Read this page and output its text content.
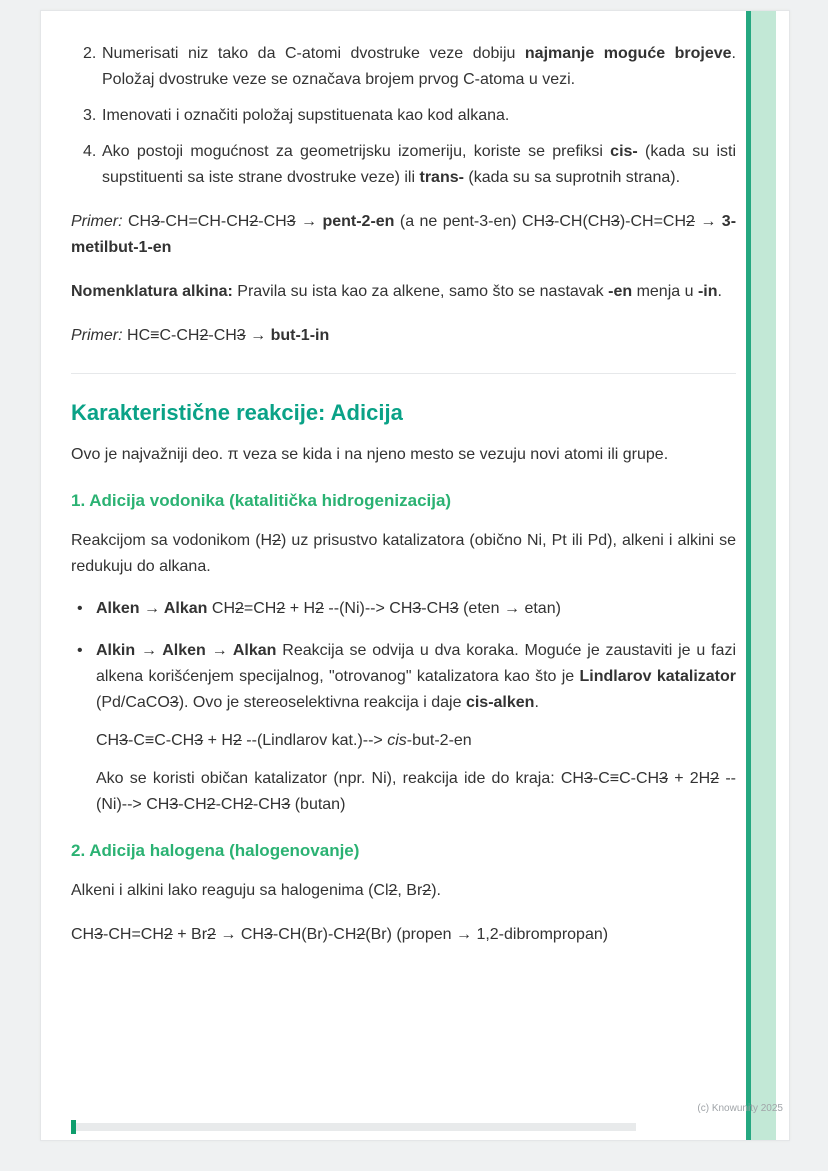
2. Numerisati niz tako da C-atomi dvostruke veze dobiju najmanje moguće brojeve. Položaj dvostruke veze se označava brojem prvog C-atoma u vezi.

3. Imenovati i označiti položaj supstituenata kao kod alkana.

4. Ako postoji mogućnost za geometrijsku izomeriju, koriste se prefiksi cis- (kada su isti supstituenti sa iste strane dvostruke veze) ili trans- (kada su sa suprotnih strana).

Primer: CH3-CH=CH-CH2-CH3 → pent-2-en (a ne pent-3-en) CH3-CH(CH3)-CH=CH2 → 3-metilbut-1-en

Nomenklatura alkina: Pravila su ista kao za alkene, samo što se nastavak -en menja u -in.

Primer: HC≡C-CH2-CH3 → but-1-in

Karakteristične reakcije: Adicija

Ovo je najvažniji deo. π veza se kida i na njeno mesto se vezuju novi atomi ili grupe.

1. Adicija vodonika (katalitička hidrogenizacija)

Reakcijom sa vodonikom (H2) uz prisustvo katalizatora (obično Ni, Pt ili Pd), alkeni i alkini se redukuju do alkana.

• Alken → Alkan CH2=CH2 + H2 --(Ni)--> CH3-CH3 (eten → etan)

• Alkin → Alken → Alkan Reakcija se odvija u dva koraka. Moguće je zaustaviti je u fazi alkena korišćenjem specijalnog, "otrovanog" katalizatora kao što je Lindlarov katalizator (Pd/CaCO3). Ovo je stereoselektivna reakcija i daje cis-alken.

CH3-C≡C-CH3 + H2 --(Lindlarov kat.)--> cis-but-2-en

Ako se koristi običan katalizator (npr. Ni), reakcija ide do kraja: CH3-C≡C-CH3 + 2H2 --(Ni)--> CH3-CH2-CH2-CH3 (butan)

2. Adicija halogena (halogenovanje)

Alkeni i alkini lako reaguju sa halogenima (Cl2, Br2).

CH3-CH=CH2 + Br2 → CH3-CH(Br)-CH2(Br) (propen → 1,2-dibrompropan)

(c) Knowunity 2025
